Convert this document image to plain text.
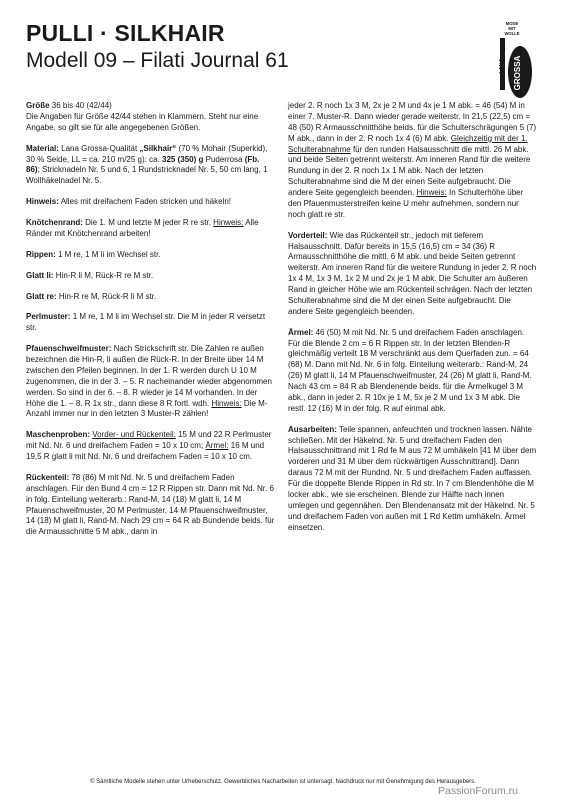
PULLI · SILKHAIR
Modell 09 – Filati Journal 61
MODE
MIT
WOLLE
LANA GROSSA
Größe 36 bis 40 (42/44)
Die Angaben für Größe 42/44 stehen in Klammern. Steht nur eine Angabe, so gilt sie für alle angegebenen Größen.
Material: Lana Grossa-Qualität „Silkhair“ (70 % Mohair (Superkid), 30 % Seide, LL = ca. 210 m/25 g): ca. 325 (350) g Puderrosa (Fb. 86); Stricknadeln Nr. 5 und 6, 1 Rundstricknadel Nr. 5, 50 cm lang, 1 Wollhäkelnadel Nr. 5.
Hinweis: Alles mit dreifachem Faden stricken und häkeln!
Knötchenrand: Die 1. M und letzte M jeder R re str. Hinweis: Alle Ränder mit Knötchenrand arbeiten!
Rippen: 1 M re, 1 M li im Wechsel str.
Glatt li: Hin-R li M, Rück-R re M str.
Glatt re: Hin-R re M, Rück-R li M str.
Perlmuster: 1 M re, 1 M li im Wechsel str. Die M in jeder R versetzt str.
Pfauenschweifmuster: Nach Strickschrift str. Die Zahlen re außen bezeichnen die Hin-R, li außen die Rück-R. In der Breite über 14 M zwischen den Pfeilen beginnen. In der 1. R werden durch U 10 M zugenommen, die in der 3. – 5. R nacheinander wieder abgenommen werden. So sind in der 6. – 8. R wieder je 14 M vorhanden. In der Höhe die 1. – 8. R 1x str., dann diese 8 R fortl. wdh. Hinweis: Die M-Anzahl immer nur in den letzten 3 Muster-R zählen!
Maschenproben: Vorder- und Rückenteil: 15 M und 22 R Perlmuster mit Nd. Nr. 6 und dreifachem Faden = 10 x 10 cm; Ärmel: 16 M und 19,5 R glatt li mit Nd. Nr. 6 und dreifachem Faden = 10 x 10 cm.
Rückenteil: 78 (86) M mit Nd. Nr. 5 und dreifachem Faden anschlagen. Für den Bund 4 cm = 12 R Rippen str. Dann mit Nd. Nr. 6 in folg. Einteilung weiterarb.: Rand-M, 14 (18) M glatt li, 14 M Pfauenschweifmuster, 20 M Perlmuster, 14 M Pfauenschweifmuster, 14 (18) M glatt li, Rand-M. Nach 29 cm = 64 R ab Bundende beids. für die Armausschnitte 5 M abk., dann in
jeder 2. R noch 1x 3 M, 2x je 2 M und 4x je 1 M abk. = 46 (54) M in einer 7. Muster-R. Dann wieder gerade weiterstr. In 21,5 (22,5) cm = 48 (50) R Armausschnitthöhe beids. für die Schulterschrägungen 5 (7) M abk., dann in der 2. R noch 1x 4 (6) M abk. Gleichzeitig mit der 1. Schulterabnahme für den runden Halsausschnitt die mittl. 26 M abk. und beide Seiten getrennt weiterstr. Am inneren Rand für die weitere Rundung in der 2. R noch 1x 1 M abk. Nach der letzten Schulterabnahme sind die M der einen Seite aufgebraucht. Die andere Seite gegengleich beenden. Hinweis: In Schulterhöhe über den Pfauenmusterstreifen keine U mehr aufnehmen, sondern nur noch glatt re str.
Vorderteil: Wie das Rückenteil str., jedoch mit tieferem Halsausschnitt. Dafür bereits in 15,5 (16,5) cm = 34 (36) R Armausschnitthöhe die mittl. 6 M abk. und beide Seiten getrennt weiterstr. Am inneren Rand für die weitere Rundung in jeder 2. R noch 1x 4 M, 1x 3 M, 1x 2 M und 2x je 1 M abk. Die Schulter am äußeren Rand in gleicher Höhe wie am Rückenteil schrägen. Nach der letzten Schulterabnahme sind die M der einen Seite aufgebraucht. Die andere Seite gegengleich beenden.
Ärmel: 46 (50) M mit Nd. Nr. 5 und dreifachem Faden anschlagen. Für die Blende 2 cm = 6 R Rippen str. In der letzten Blenden-R gleichmäßig verteilt 18 M verschränkt aus dem Querfaden zun. = 64 (68) M. Dann mit Nd. Nr. 6 in folg. Einteilung weiterarb.: Rand-M, 24 (26) M glatt li, 14 M Pfauenschweifmuster, 24 (26) M glatt li, Rand-M. Nach 43 cm = 84 R ab Blendenende beids. für die Ärmelkugel 3 M abk., dann in jeder 2. R 10x je 1 M, 5x je 2 M und 1x 3 M abk. Die restl. 12 (16) M in der folg. R auf einmal abk.
Ausarbeiten: Teile spannen, anfeuchten und trocknen lassen. Nähte schließen. Mit der Häkelnd. Nr. 5 und dreifachem Faden den Halsausschnittrand mit 1 Rd fe M aus 72 M umhäkeln [41 M über dem vorderen und 31 M über dem rückwärtigen Ausschnittrand]. Dann daraus 72 M mit der Rundnd. Nr. 5 und dreifachem Faden auffassen. Für die doppelte Blende Rippen in Rd str. In 7 cm Blendenhöhe die M locker abk., wie sie erscheinen. Blende zur Hälfte nach innen umlegen und gegennähen. Den Blendenansatz mit der Häkelnd. Nr. 5 und dreifachem Faden von außen mit 1 Rd Kettm umhäkeln. Ärmel einsetzen.
© Sämtliche Modelle stehen unter Urheberschutz. Gewerbliches Nacharbeiten ist untersagt. Nachdruck nur mit Genehmigung des Herausgebers.
PassionForum.ru
